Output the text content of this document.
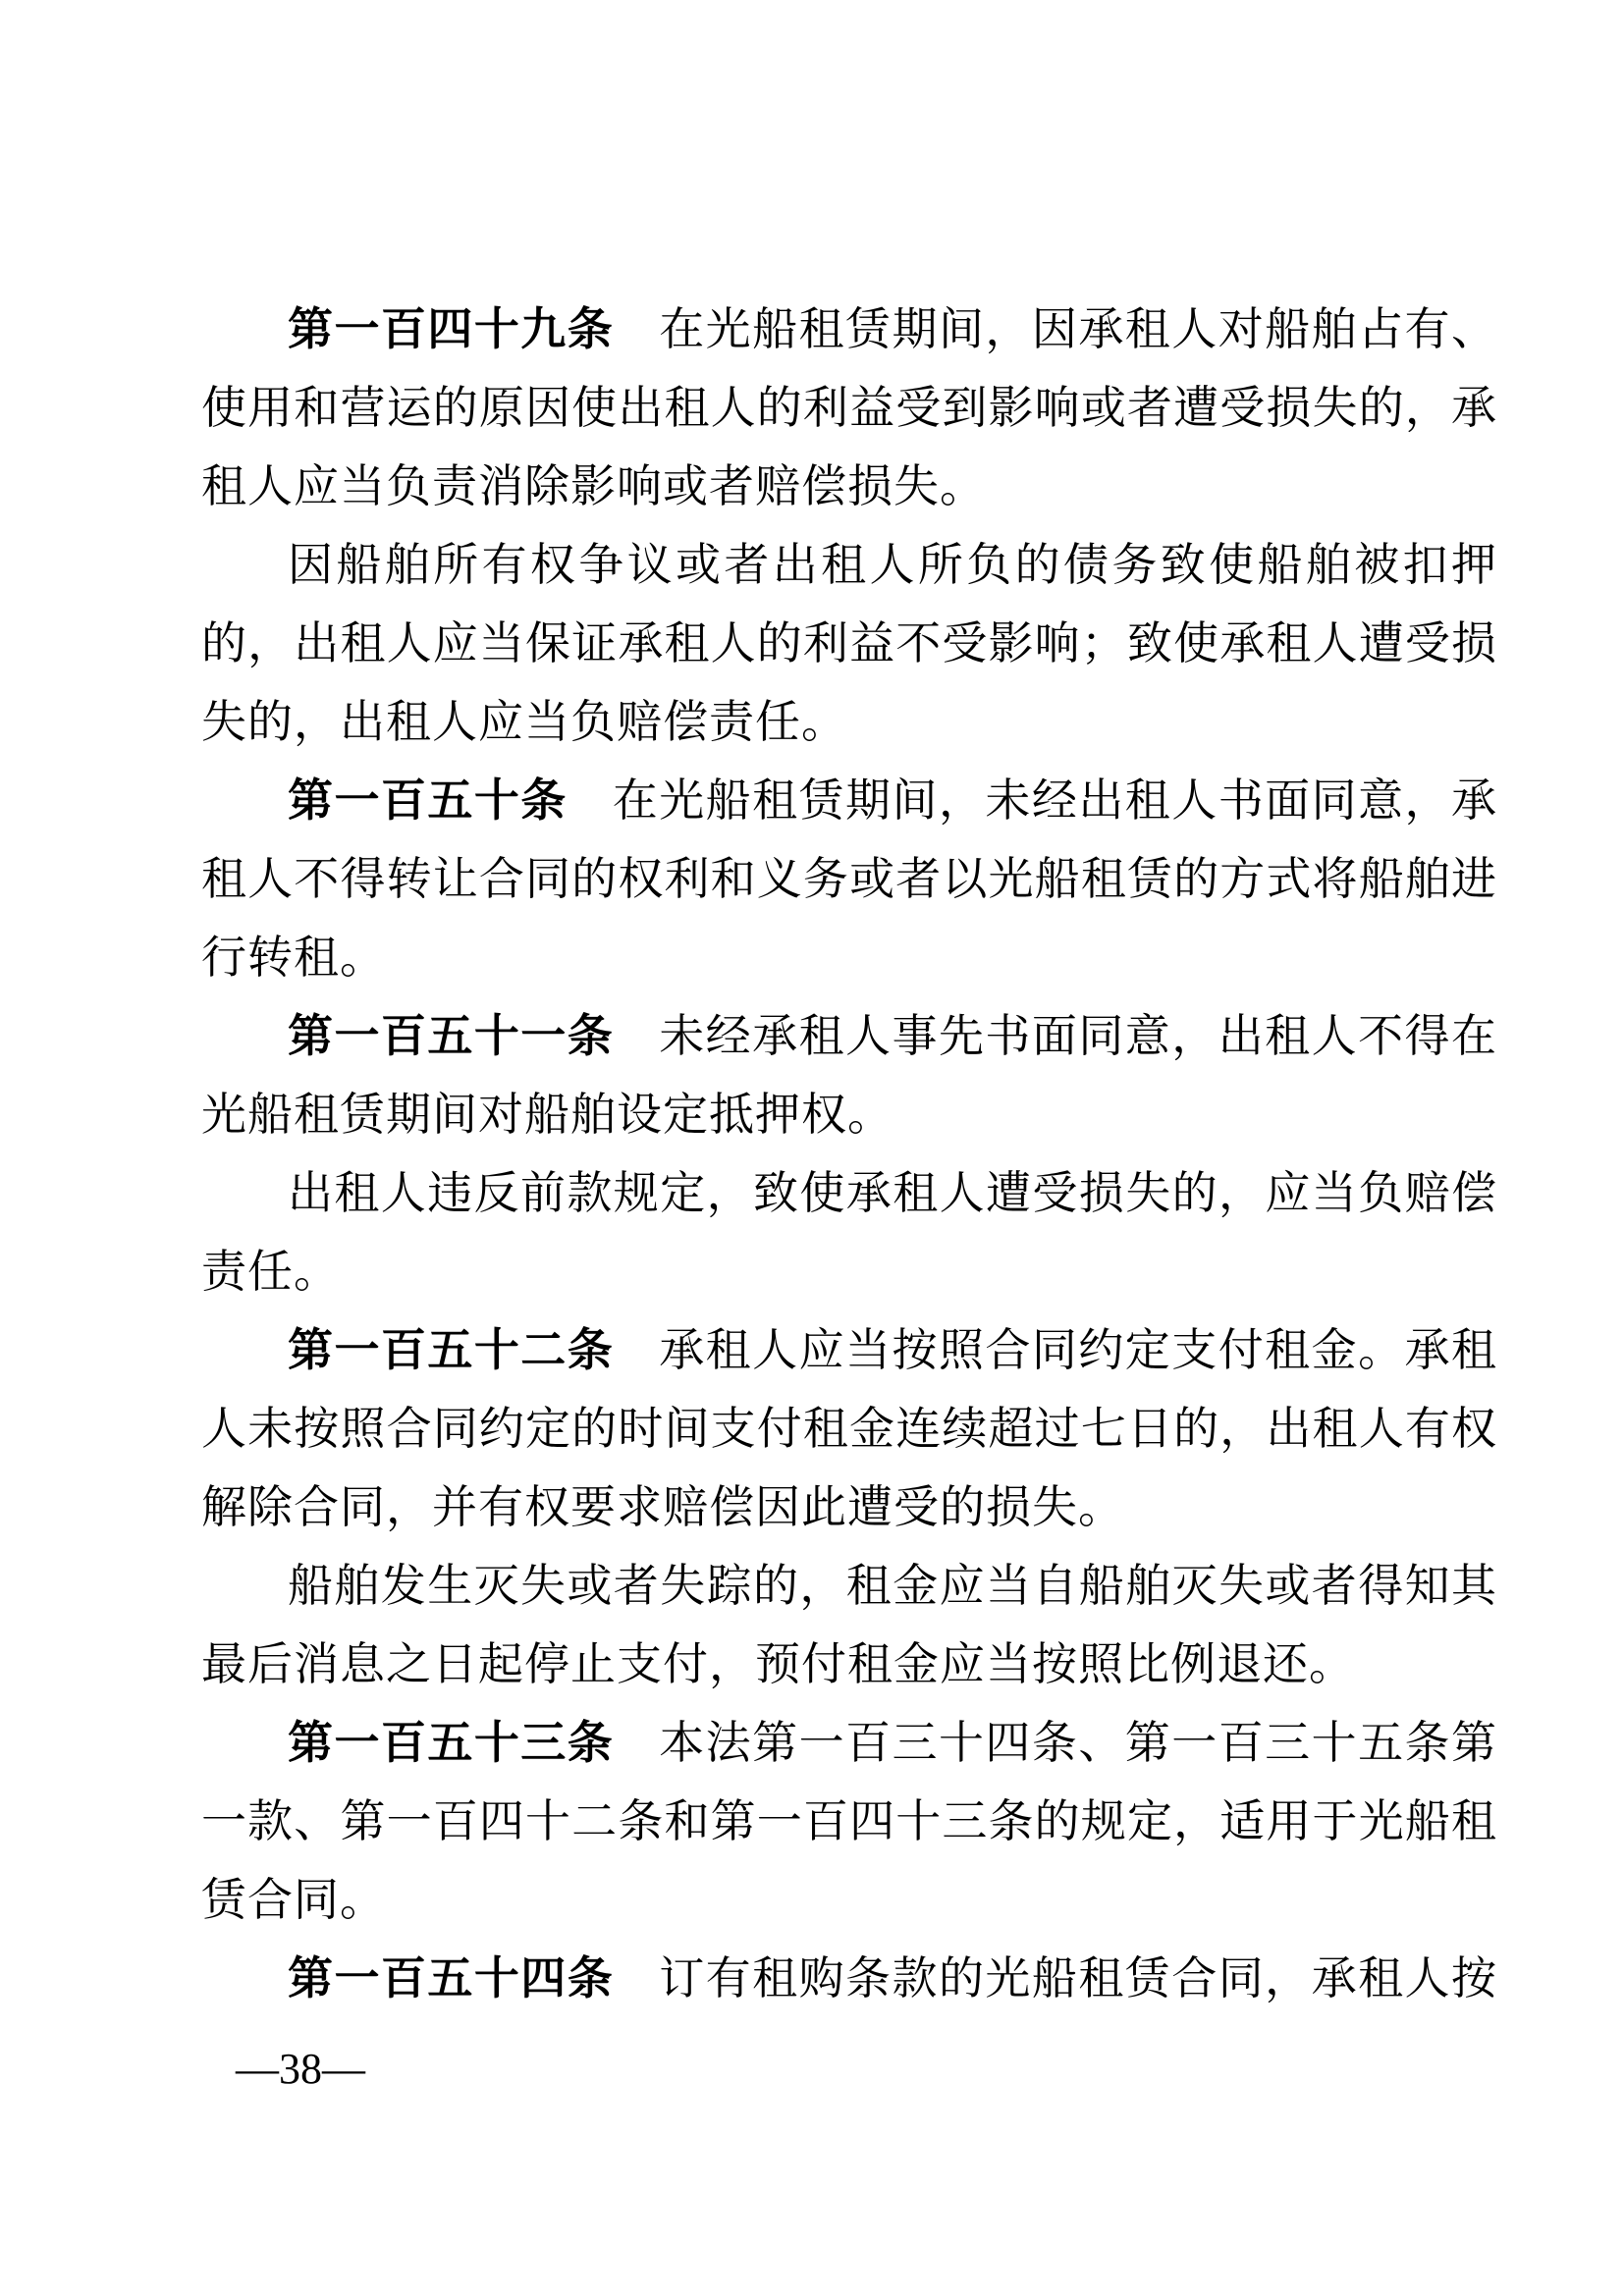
第一百四十九条 在光船租赁期间，因承租人对船舶占有、
使用和营运的原因使出租人的利益受到影响或者遭受损失的，承
租人应当负责消除影响或者赔偿损失。
因船舶所有权争议或者出租人所负的债务致使船舶被扣押
的，出租人应当保证承租人的利益不受影响；致使承租人遭受损
失的，出租人应当负赔偿责任。
第一百五十条 在光船租赁期间，未经出租人书面同意，承
租人不得转让合同的权利和义务或者以光船租赁的方式将船舶进
行转租。
第一百五十一条 未经承租人事先书面同意，出租人不得在
光船租赁期间对船舶设定抵押权。
出租人违反前款规定，致使承租人遭受损失的，应当负赔偿
责任。
第一百五十二条 承租人应当按照合同约定支付租金。承租
人未按照合同约定的时间支付租金连续超过七日的，出租人有权
解除合同，并有权要求赔偿因此遭受的损失。
船舶发生灭失或者失踪的，租金应当自船舶灭失或者得知其
最后消息之日起停止支付，预付租金应当按照比例退还。
第一百五十三条 本法第一百三十四条、第一百三十五条第
一款、第一百四十二条和第一百四十三条的规定，适用于光船租
赁合同。
第一百五十四条 订有租购条款的光船租赁合同，承租人按
—38—
